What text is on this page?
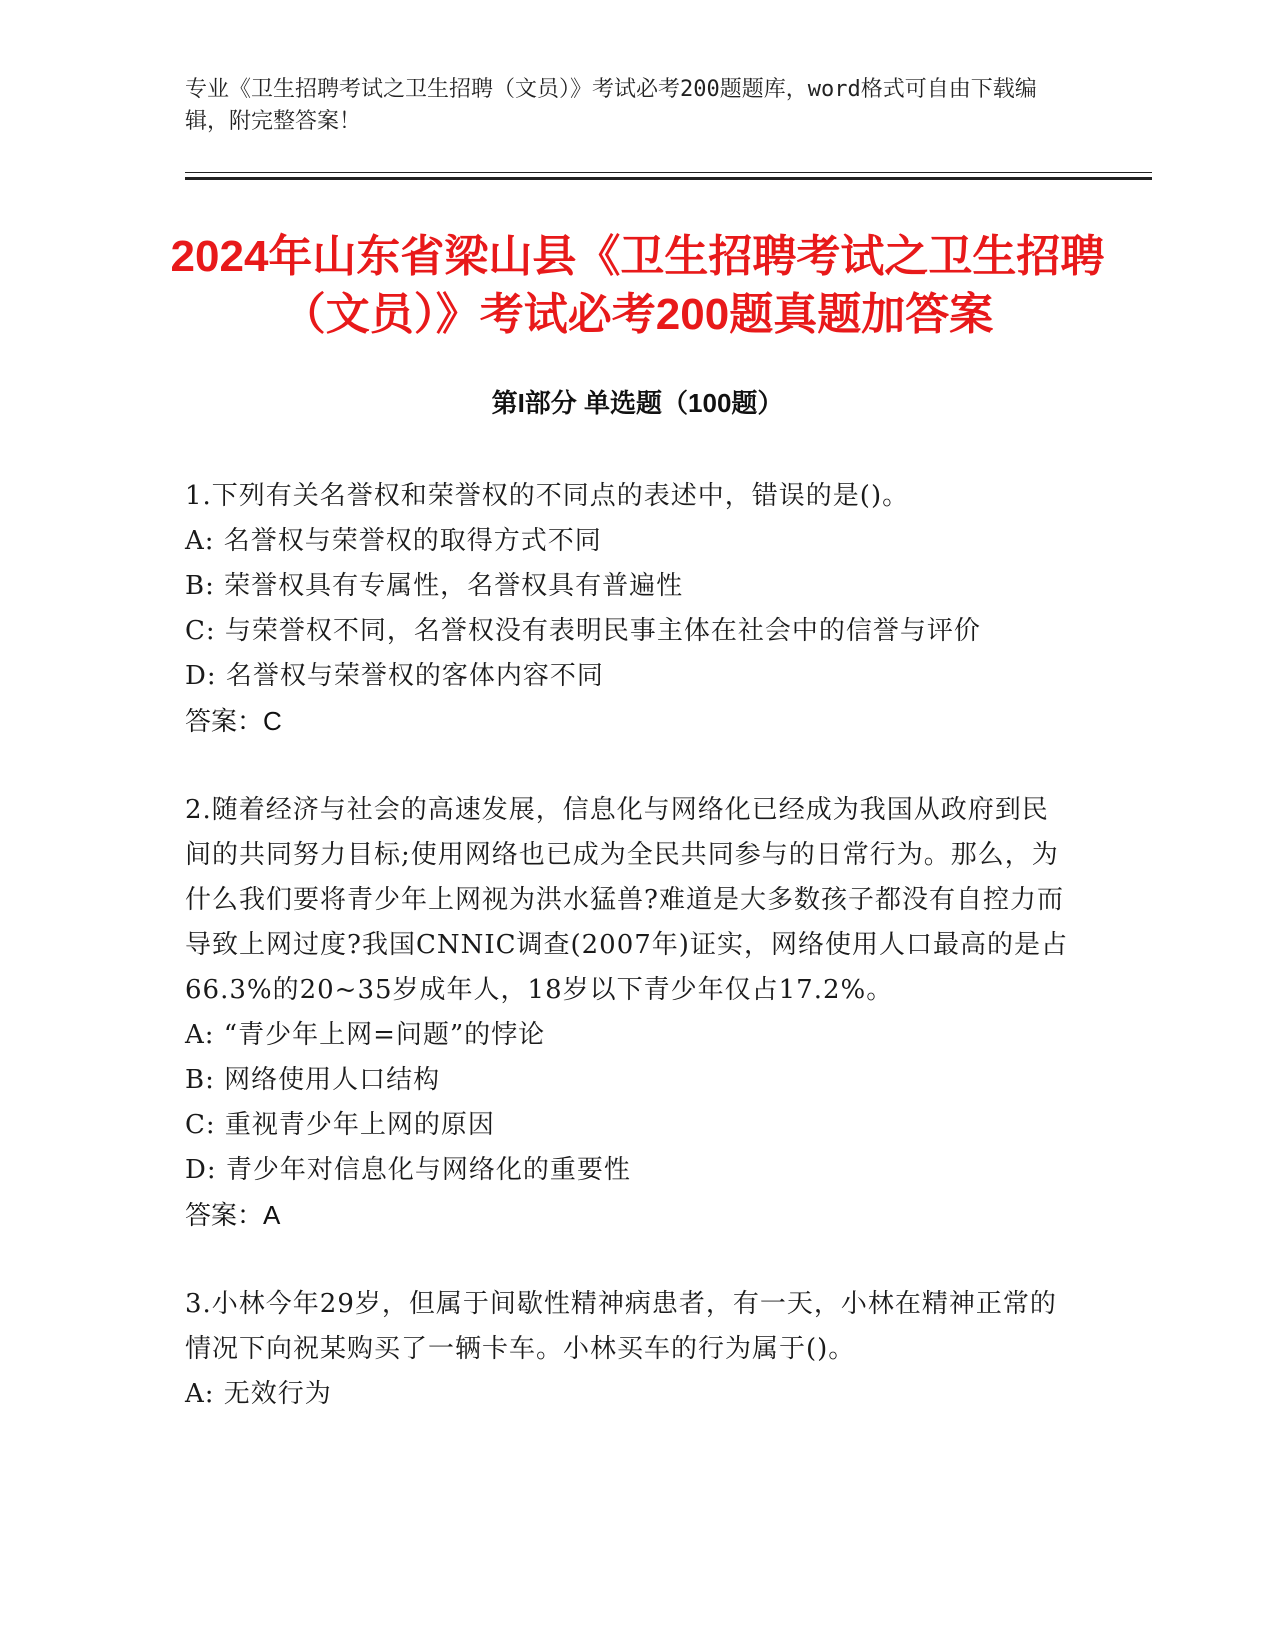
专业《卫生招聘考试之卫生招聘（文员）》考试必考200题题库，word格式可自由下载编辑，附完整答案！

2024年山东省梁山县《卫生招聘考试之卫生招聘（文员）》考试必考200题真题加答案
第I部分 单选题（100题）

1.下列有关名誉权和荣誉权的不同点的表述中，错误的是()。

A: 名誉权与荣誉权的取得方式不同

B: 荣誉权具有专属性，名誉权具有普遍性

C: 与荣誉权不同，名誉权没有表明民事主体在社会中的信誉与评价

D: 名誉权与荣誉权的客体内容不同

答案：C

2.随着经济与社会的高速发展，信息化与网络化已经成为我国从政府到民间的共同努力目标;使用网络也已成为全民共同参与的日常行为。那么，为什么我们要将青少年上网视为洪水猛兽?难道是大多数孩子都没有自控力而导致上网过度?我国CNNIC调查(2007年)证实，网络使用人口最高的是占66.3%的20~35岁成年人，18岁以下青少年仅占17.2%。

A: “青少年上网=问题”的悖论

B: 网络使用人口结构

C: 重视青少年上网的原因

D: 青少年对信息化与网络化的重要性

答案：A

3.小林今年29岁，但属于间歇性精神病患者，有一天，小林在精神正常的情况下向祝某购买了一辆卡车。小林买车的行为属于()。

A: 无效行为
